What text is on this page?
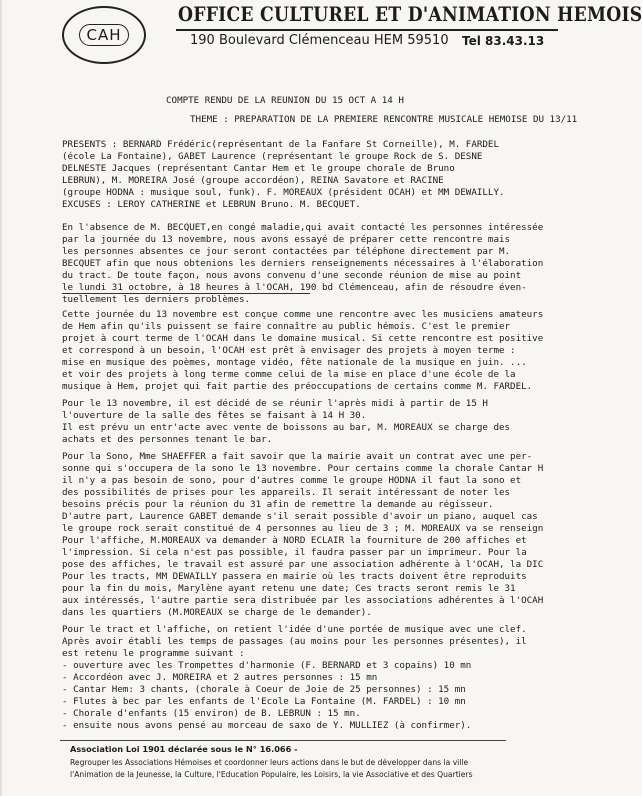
CAH
OFFICE CULTUREL ET D'ANIMATION HEMOIS
190 Boulevard Clémenceau HEM 59510 Tel 83.43.13
COMPTE RENDU DE LA REUNION DU 15 OCT A 14 H
THEME : PREPARATION DE LA PREMIERE RENCONTRE MUSICALE HEMOISE DU 13/11
PRESENTS : BERNARD Frédéric(représentant de la Fanfare St Corneille), M. FARDEL
(école La Fontaine), GABET Laurence (représentant le groupe Rock de S. DESNE
DELNESTE Jacques (représentant Cantar Hem et le groupe chorale de Bruno
LEBRUN), M. MOREIRA José (groupe accordéon), REINA Savatore et RACINE
(groupe HODNA : musique soul, funk). F. MOREAUX (président OCAH) et MM DEWAILLY.
EXCUSES : LEROY CATHERINE et LEBRUN Bruno. M. BECQUET.
En l'absence de M. BECQUET,en congé maladie,qui avait contacté les personnes intéressée
par la journée du 13 novembre, nous avons essayé de préparer cette rencontre mais
les personnes absentes ce jour seront contactées par téléphone directement par M.
BECQUET afin que nous obtenions les derniers renseignements nécessaires à l'élaboration
du tract. De toute façon, nous avons convenu d'une seconde réunion de mise au point
le lundi 31 octobre, à 18 heures à l'OCAH, 190 bd Clémenceau, afin de résoudre éven-
tuellement les derniers problèmes.
Cette journée du 13 novembre est conçue comme une rencontre avec les musiciens amateurs
de Hem afin qu'ils puissent se faire connaître au public hémois. C'est le premier
projet à court terme de l'OCAH dans le domaine musical. Si cette rencontre est positive
et correspond à un besoin, l'OCAH est prêt à envisager des projets à moyen terme :
mise en musique des poèmes, montage vidéo, fête nationale de la musique en juin. ...
et voir des projets à long terme comme celui de la mise en place d'une école de la
musique à Hem, projet qui fait partie des préoccupations de certains comme M. FARDEL.
Pour le 13 novembre, il est décidé de se réunir l'après midi à partir de 15 H
l'ouverture de la salle des fêtes se faisant à 14 H 30.
Il est prévu un entr'acte avec vente de boissons au bar, M. MOREAUX se charge des
achats et des personnes tenant le bar.
Pour la Sono, Mme SHAEFFER a fait savoir que la mairie avait un contrat avec une per-
sonne qui s'occupera de la sono le 13 novembre. Pour certains comme la chorale Cantar H
il n'y a pas besoin de sono, pour d'autres comme le groupe HODNA il faut la sono et
des possibilités de prises pour les appareils. Il serait intéressant de noter les
besoins précis pour la réunion du 31 afin de remettre la demande au régisseur.
D'autre part, Laurence GABET demande s'il serait possible d'avoir un piano, auquel cas
le groupe rock serait constitué de 4 personnes au lieu de 3 ; M. MOREAUX va se renseign
Pour l'affiche, M.MOREAUX va demander à NORD ECLAIR la fourniture de 200 affiches et
l'impression. Si cela n'est pas possible, il faudra passer par un imprimeur. Pour la
pose des affiches, le travail est assuré par une association adhérente à l'OCAH, la DIC
Pour les tracts, MM DEWAILLY passera en mairie où les tracts doivent être reproduits
pour la fin du mois, Marylène ayant retenu une date; Ces tracts seront remis le 31
aux intéressés, l'autre partie sera distribuée par les associations adhérentes à l'OCAH
dans les quartiers (M.MOREAUX se charge de le demander).
Pour le tract et l'affiche, on retient l'idée d'une portée de musique avec une clef.
Après avoir établi les temps de passages (au moins pour les personnes présentes), il
est retenu le programme suivant :
- ouverture avec les Trompettes d'harmonie (F. BERNARD et 3 copains) 10 mn
- Accordéon avec J. MOREIRA et 2 autres personnes : 15 mn
- Cantar Hem: 3 chants, (chorale à Coeur de Joie de 25 personnes) : 15 mn
- Flutes à bec par les enfants de l'Ecole La Fontaine (M. FARDEL) : 10 mn
- Chorale d'enfants (15 environ) de B. LEBRUN : 15 mn.
- ensuite nous avons pensé au morceau de saxo de Y. MULLIEZ (à confirmer).
Association Loi 1901 déclarée sous le N° 16.066 -
Regrouper les Associations Hémoises et coordonner leurs actions dans le but de développer dans la ville
l'Animation de la Jeunesse, la Culture, l'Education Populaire, les Loisirs, la vie Associative et des Quartiers
